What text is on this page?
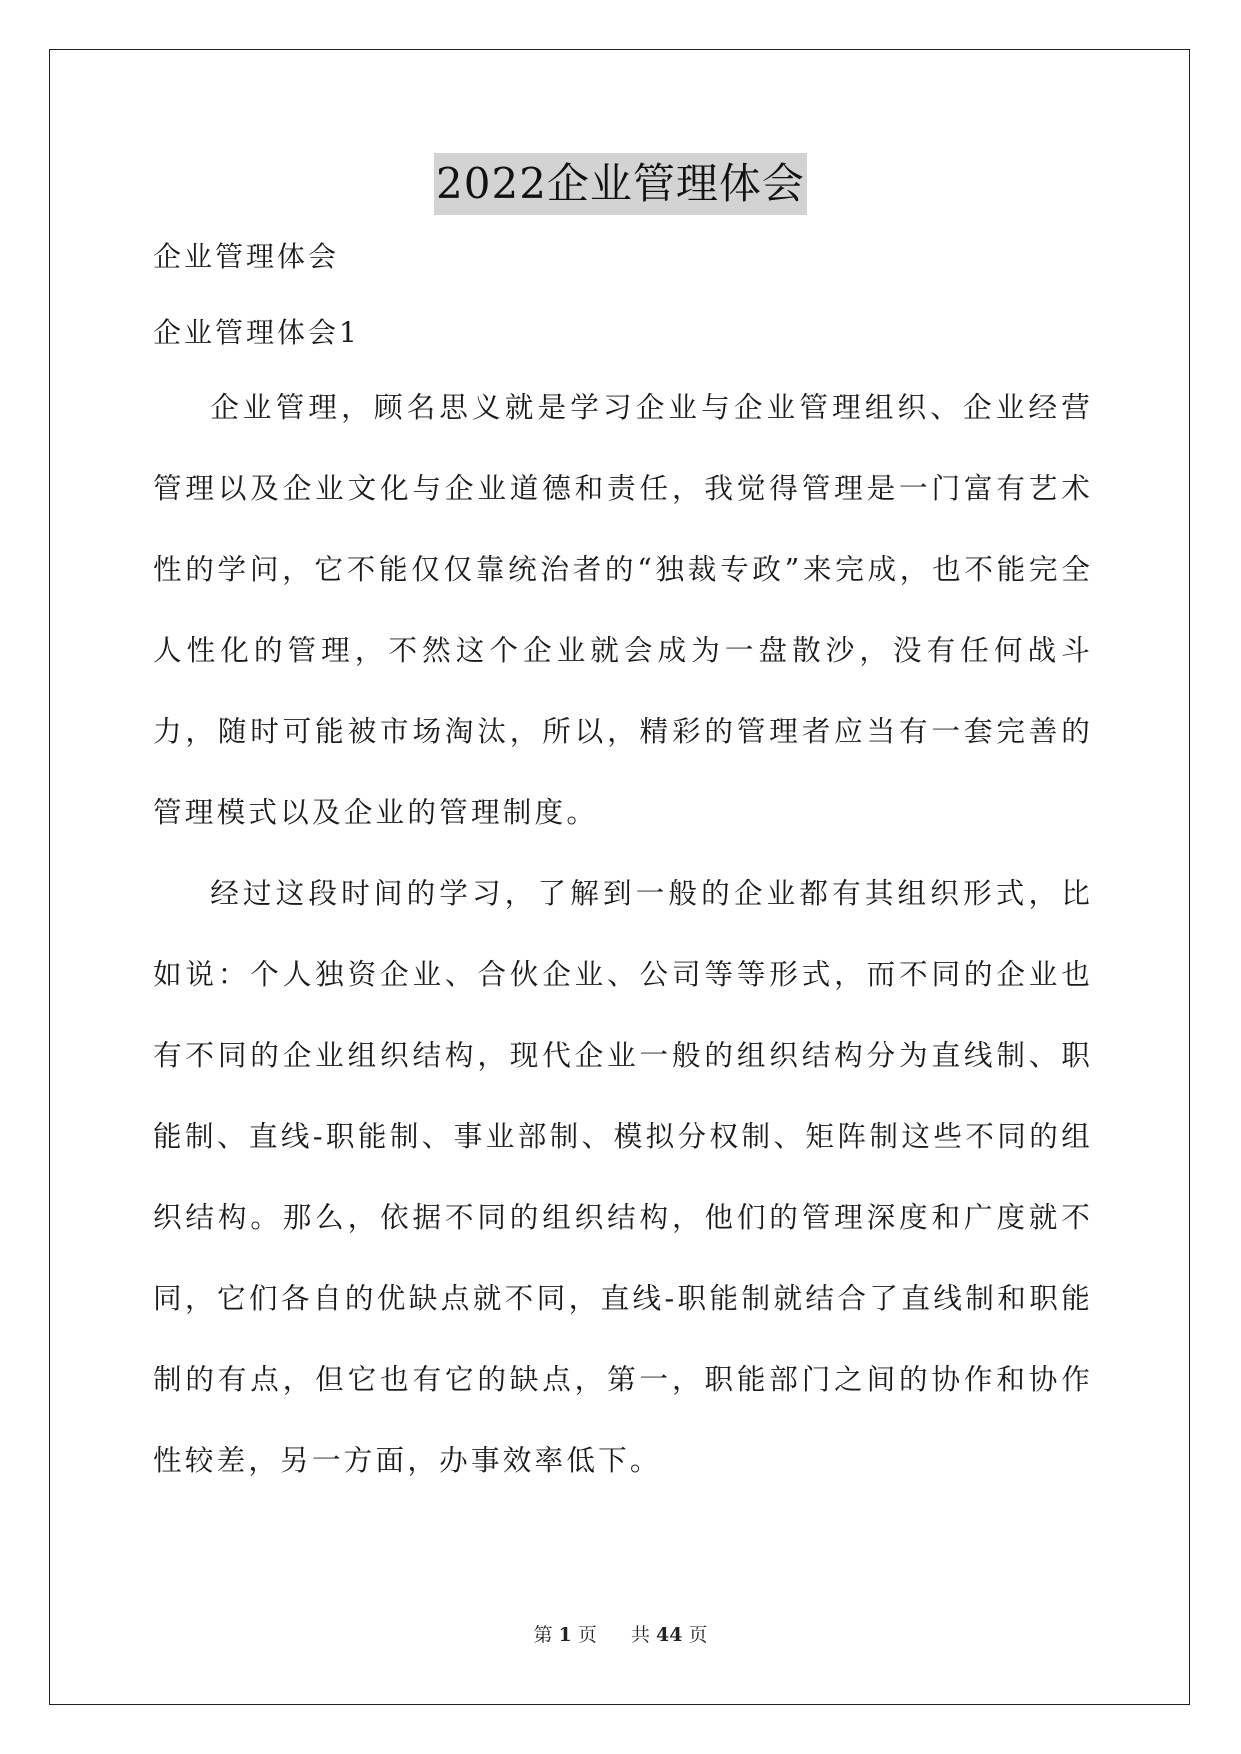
2022企业管理体会
企业管理体会
企业管理体会1

企业管理，顾名思义就是学习企业与企业管理组织、企业经营管理以及企业文化与企业道德和责任，我觉得管理是一门富有艺术性的学问，它不能仅仅靠统治者的“独裁专政”来完成，也不能完全人性化的管理，不然这个企业就会成为一盘散沙，没有任何战斗力，随时可能被市场淘汰，所以，精彩的管理者应当有一套完善的管理模式以及企业的管理制度。

经过这段时间的学习，了解到一般的企业都有其组织形式，比如说：个人独资企业、合伙企业、公司等等形式，而不同的企业也有不同的企业组织结构，现代企业一般的组织结构分为直线制、职能制、直线-职能制、事业部制、模拟分权制、矩阵制这些不同的组织结构。那么，依据不同的组织结构，他们的管理深度和广度就不同，它们各自的优缺点就不同，直线-职能制就结合了直线制和职能制的有点，但它也有它的缺点，第一，职能部门之间的协作和协作性较差，另一方面，办事效率低下。

第 1 页 共 44 页
